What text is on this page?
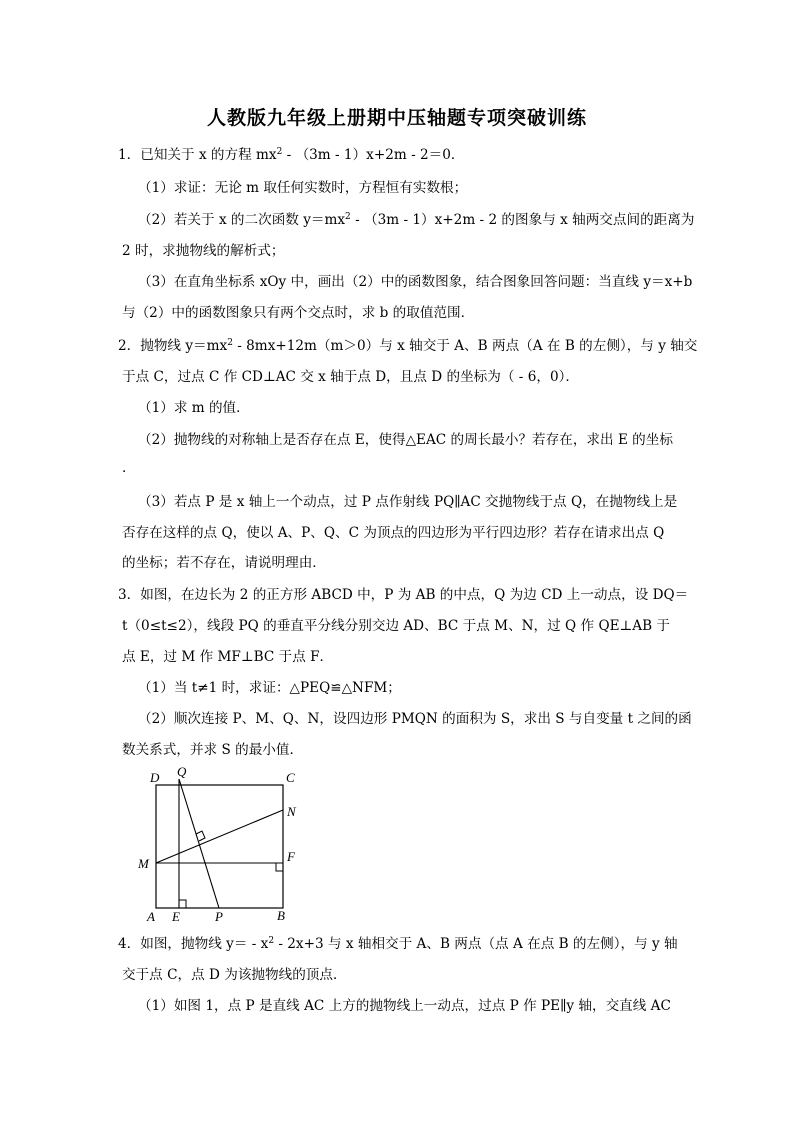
人教版九年级上册期中压轴题专项突破训练
1．已知关于 x 的方程 $mx^2 - (3m - 1)x+2m - 2=0$．
（1）求证：无论 m 取任何实数时，方程恒有实数根；
（2）若关于 x 的二次函数 $y=mx^2 - (3m - 1)x+2m - 2$ 的图象与 x 轴两交点间的距离为
2 时，求抛物线的解析式；
（3）在直角坐标系 xOy 中，画出（2）中的函数图象，结合图象回答问题：当直线 y＝x+b
与（2）中的函数图象只有两个交点时，求 b 的取值范围．
2．抛物线 $y=mx^2 - 8mx+12m(m>0)$与 x 轴交于 A、B 两点（A 在 B 的左侧），与 y 轴交
于点 C，过点 C 作 CD⊥AC 交 x 轴于点 D，且点 D 的坐标为（ - 6，0）．
（1）求 m 的值．
（2）抛物线的对称轴上是否存在点 E，使得△EAC 的周长最小？若存在，求出 E 的坐标
．
（3）若点 P 是 x 轴上一个动点，过 P 点作射线 PQ∥AC 交抛物线于点 Q，在抛物线上是
否存在这样的点 Q，使以 A、P、Q、C 为顶点的四边形为平行四边形？若存在请求出点 Q
的坐标；若不存在，请说明理由．
3．如图，在边长为 2 的正方形 ABCD 中，P 为 AB 的中点，Q 为边 CD 上一动点，设 DQ＝
t（0≤t≤2），线段 PQ 的垂直平分线分别交边 AD、BC 于点 M、N，过 Q 作 QE⊥AB 于
点 E，过 M 作 MF⊥BC 于点 F．
（1）当 t≠1 时，求证：△PEQ≌△NFM；
（2）顺次连接 P、M、Q、N，设四边形 PMQN 的面积为 S，求出 S 与自变量 t 之间的函
数关系式，并求 S 的最小值．
D Q	C
N
M	F
A E	P	B
4．如图，抛物线 $y= - x^2 - 2x+3$ 与 x 轴相交于 A、B 两点（点 A 在点 B 的左侧），与 y 轴
交于点 C，点 D 为该抛物线的顶点．
（1）如图 1，点 P 是直线 AC 上方的抛物线上一动点，过点 P 作 PE∥y 轴，交直线 AC
